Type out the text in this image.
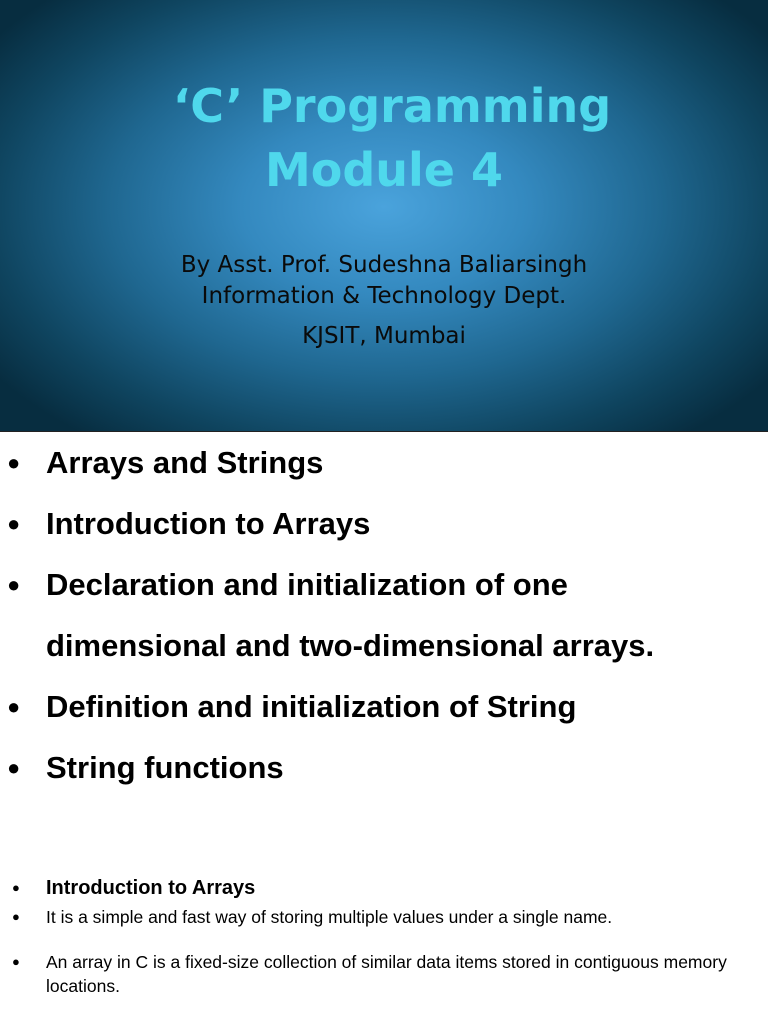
‘C’ Programming
Module 4
By Asst. Prof. Sudeshna Baliarsingh
Information & Technology Dept.
KJSIT, Mumbai
● Arrays and Strings
● Introduction to Arrays
● Declaration and initialization of one
dimensional and two-dimensional arrays.
● Definition and initialization of String
● String functions
● Introduction to Arrays
● It is a simple and fast way of storing multiple values under a single name.
● An array in C is a fixed-size collection of similar data items stored in contiguous memory locations.
